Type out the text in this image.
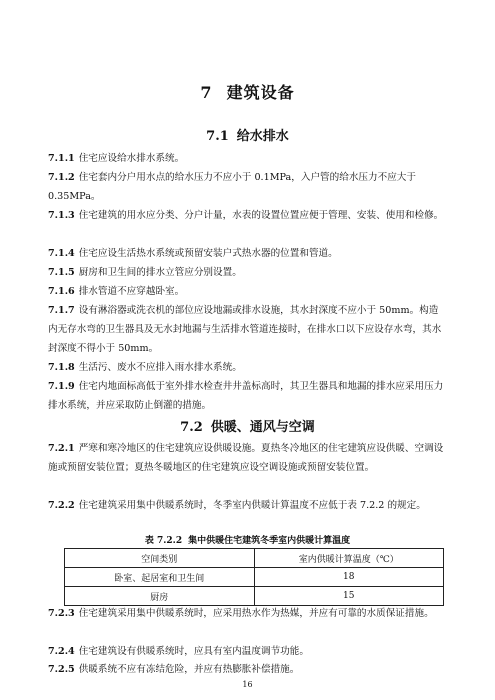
7 建筑设备
7.1 给水排水
7.1.1 住宅应设给水排水系统。
7.1.2 住宅套内分户用水点的给水压力不应小于 0.1MPa，入户管的给水压力不应大于 0.35MPa。
7.1.3 住宅建筑的用水应分类、分户计量，水表的设置位置应便于管理、安装、使用和检修。
7.1.4 住宅应设生活热水系统或预留安装户式热水器的位置和管道。
7.1.5 厨房和卫生间的排水立管应分别设置。
7.1.6 排水管道不应穿越卧室。
7.1.7 设有淋浴器或洗衣机的部位应设地漏或排水设施，其水封深度不应小于 50mm。构造内无存水弯的卫生器具及无水封地漏与生活排水管道连接时，在排水口以下应设存水弯，其水封深度不得小于 50mm。
7.1.8 生活污、废水不应排入雨水排水系统。
7.1.9 住宅内地面标高低于室外排水检查井井盖标高时，其卫生器具和地漏的排水应采用压力排水系统，并应采取防止倒灌的措施。
7.2 供暖、通风与空调
7.2.1 严寒和寒冷地区的住宅建筑应设供暖设施。夏热冬冷地区的住宅建筑应设供暖、空调设施或预留安装位置；夏热冬暖地区的住宅建筑应设空调设施或预留安装位置。
7.2.2 住宅建筑采用集中供暖系统时，冬季室内供暖计算温度不应低于表 7.2.2 的规定。
表 7.2.2 集中供暖住宅建筑冬季室内供暖计算温度
空间类别	室内供暖计算温度（℃）
卧室、起居室和卫生间	18
厨房	15
7.2.3 住宅建筑采用集中供暖系统时，应采用热水作为热媒，并应有可靠的水质保证措施。
7.2.4 住宅建筑设有供暖系统时，应具有室内温度调节功能。
7.2.5 供暖系统不应有冻结危险，并应有热膨胀补偿措施。
16
